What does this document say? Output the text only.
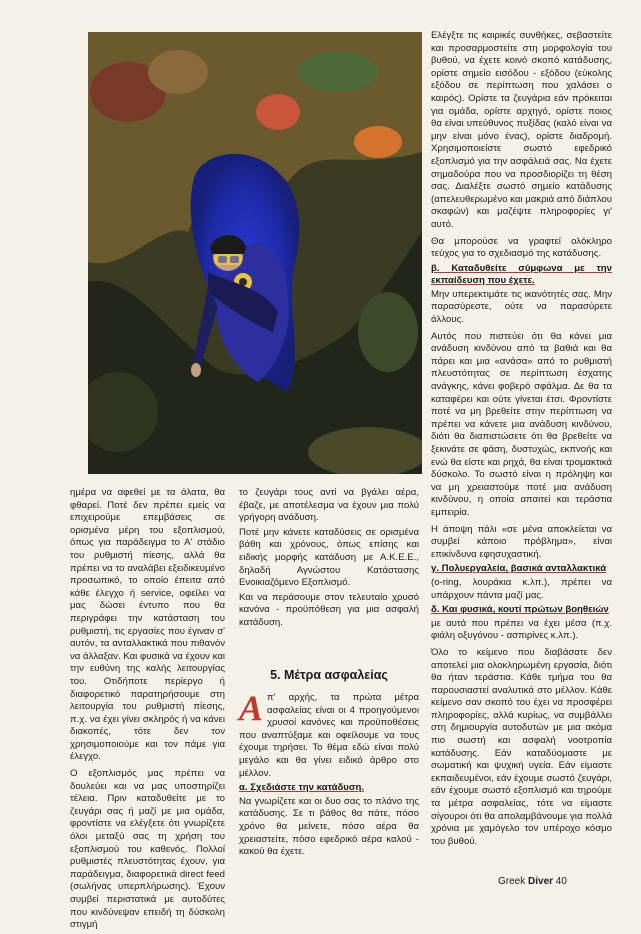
ημέρα να αφεθεί με τα άλατα, θα φθαρεί. Ποτέ δεν πρέπει εμείς να επιχειρούμε επεμβάσεις σε ορισμένα μέρη του εξοπλισμού, όπως για παράδειγμα το Α' στάδιο του ρυθμιστή πίεσης, αλλά θα πρέπει να το αναλάβει εξειδικευμένο προσωπικό, το οποίο έπειτα από κάθε έλεγχο ή service, οφείλει να μας δώσει έντυπο που θα περιγράφει την κατάσταση του ρυθμιστή, τις εργασίες που έγιναν σ' αυτόν, τα ανταλλακτικά που πιθανόν να άλλαξαν. Και φυσικά να έχουν και την ευθύνη της καλής λειτουργίας του. Οτιδήποτε περίεργο ή διαφορετικό παρατηρήσουμε στη λειτουργία του ρυθμιστή πίεσης, π.χ. να έχει γίνει σκληρός ή να κάνει διακοπές, τότε δεν τον χρησιμοποιούμε και τον πάμε για έλεγχο.

Ο εξοπλισμός μας πρέπει να δουλεύει και να μας υποστηρίζει τέλεια. Πριν καταδυθείτε με το ζευγάρι σας ή μαζί με μια ομάδα, φροντίστε να ελέγξετε ότι γνωρίζετε όλοι μεταξύ σας τη χρήση του εξοπλισμού του καθενός. Πολλοί ρυθμιστές πλευστότητας έχουν, για παράδειγμα, διαφορετικά direct feed (σωλήνας υπερπλήρωσης). Έχουν συμβεί περιστατικά με αυτοδύτες που κινδύνεψαν επειδή τη δύσκολη στιγμή

το ζευγάρι τους αντί να βγάλει αέρα, έβαζε, με αποτέλεσμα να έχουν μια πολύ γρήγορη ανάδυση.

Ποτέ μην κάνετε καταδύσεις σε ορισμένα βάθη και χρόνους, όπως επίσης και ειδικής μορφής κατάδυση με Α.Κ.Ε.Ε., δηλαδή Αγνώστου Κατάστασης Ενοικιαζόμενο Εξοπλισμό.

Και να περάσουμε στον τελευταίο χρυσό κανόνα - προϋπόθεση για μια ασφαλή κατάδυση.

5. Μέτρα ασφαλείας

Απ' αρχής, τα πρώτα μέτρα ασφαλείας είναι οι 4 προηγούμενοι χρυσοί κανόνες και προϋποθέσεις που αναπτύξαμε και οφείλουμε να τους έχουμε τηρήσει. Το θέμα εδώ είναι πολύ μεγάλο και θα γίνει ειδικό άρθρο στο μέλλον.

α. Σχεδιάστε την κατάδυση.

Να γνωρίζετε και οι δυο σας το πλάνο της κατάδυσης. Σε τι βάθος θα πάτε, πόσο χρόνο θα μείνετε, πόσο αέρα θα χρειαστείτε, πόσο εφεδρικό αέρα καλού - κακού θα έχετε.

Ελέγξτε τις καιρικές συνθήκες, σεβαστείτε και προσαρμοστείτε στη μορφολογία του βυθού, να έχετε κοινό σκοπό κατάδυσης, ορίστε σημείο εισόδου - εξόδου (εύκολης εξόδου σε περίπτωση που χαλάσει ο καιρός). Ορίστε τα ζευγάρια εάν πρόκειται για ομάδα, ορίστε αρχηγό, ορίστε ποιος θα είναι υπεύθυνος πυξίδας (καλό είναι να μην είναι μόνο ένας), ορίστε διαδρομή. Χρησιμοποιείστε σωστό εφεδρικό εξοπλισμό για την ασφάλειά σας. Να έχετε σημαδούρα που να προσδιορίζει τη θέση σας. Διαλέξτε σωστό σημείο κατάδυσης (απελευθερωμένο και μακριά από διάπλου σκαφών) και μαζέψτε πληροφορίες γι' αυτό.

Θα μπορούσε να γραφτεί ολόκληρο τεύχος για το σχεδιασμό της κατάδυσης.

β. Καταδυθείτε σύμφωνα με την εκπαίδευση που έχετε.

Μην υπερεκτιμάτε τις ικανότητές σας. Μην παρασύρεστε, ούτε να παρασύρετε άλλους.

Αυτός που πιστεύει ότι θα κάνει μια ανάδυση κινδύνου από τα βαθιά και θα πάρει και μια «ανάσα» από το ρυθμιστή πλευστότητας σε περίπτωση έσχατης ανάγκης, κάνει φοβερό σφάλμα. Δε θα τα καταφέρει και ούτε γίνεται έτσι. Φροντίστε ποτέ να μη βρεθείτε στην περίπτωση να πρέπει να κάνετε μια ανάδυση κινδύνου, διότι θα διαπιστώσετε ότι θα βρεθείτε να ξεκινάτε σε φάση, δυστυχώς, εκπνοής και ενώ θα είστε και ρηχά, θα είναι τρομακτικά δύσκολο. Το σωστό είναι η πρόληψη και να μη χρειαστούμε ποτέ μια ανάδυση κινδύνου, η οποία απαιτεί και τεράστια εμπειρία.

Η άποψη πάλι «σε μένα αποκλείεται να συμβεί κάποιο πρόβλημα», είναι επικίνδυνα εφησυχαστική.

γ. Πολυεργαλεία, βασικά ανταλλακτικά

(o-ring, λουράκια κ.λπ.), πρέπει να υπάρχουν πάντα μαζί μας.

δ. Και φυσικά, κουτί πρώτων βοηθειών

με αυτά που πρέπει να έχει μέσα (π.χ. φιάλη οξυγόνου - ασπιρίνες κ.λπ.).

Όλο το κείμενο που διαβάσατε δεν αποτελεί μια ολοκληρωμένη εργασία, διότι θα ήταν τεράστια. Κάθε τμήμα του θα παρουσιαστεί αναλυτικά στο μέλλον. Κάθε κείμενο σαν σκοπό του έχει να προσφέρει πληροφορίες, αλλά κυρίως, να συμβάλλει στη δημιουργία αυτοδυτών με μια ακόμα πιο σωστή και ασφαλή νοοτροπία κατάδυσης. Εάν καταδύομαστε με σωματική και ψυχική υγεία. Εάν είμαστε εκπαιδευμένοι, εάν έχουμε σωστό ζευγάρι, εάν έχουμε σωστό εξοπλισμό και τηρούμε τα μέτρα ασφαλείας, τότε να είμαστε σίγουροι ότι θα απολαμβάνουμε για πολλά χρόνια με χαμόγελο τον υπέροχο κόσμο του βυθού.

Greek Diver 40
